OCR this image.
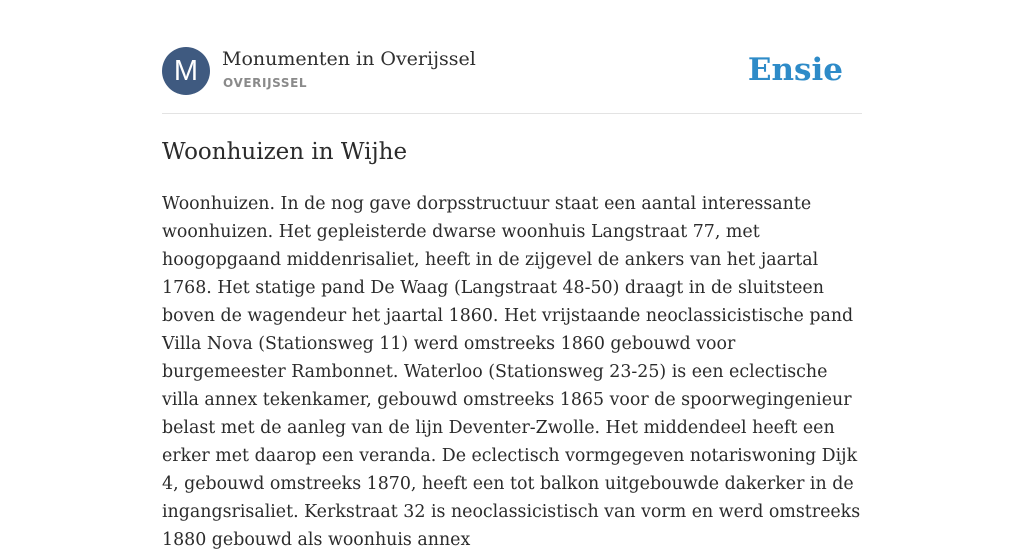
M	Monumenten in Overijssel
OVERIJSSEL	Ensie
Woonhuizen in Wijhe

Woonhuizen. In de nog gave dorpsstructuur staat een aantal interessante woonhuizen. Het gepleisterde dwarse woonhuis Langstraat 77, met hoogopgaand middenrisaliet, heeft in de zijgevel de ankers van het jaartal 1768. Het statige pand De Waag (Langstraat 48-50) draagt in de sluitsteen boven de wagendeur het jaartal 1860. Het vrijstaande neoclassicistische pand Villa Nova (Stationsweg 11) werd omstreeks 1860 gebouwd voor burgemeester Rambonnet. Waterloo (Stationsweg 23-25) is een eclectische villa annex tekenkamer, gebouwd omstreeks 1865 voor de spoorwegingenieur belast met de aanleg van de lijn Deventer-Zwolle. Het middendeel heeft een erker met daarop een veranda. De eclectisch vormgegeven notariswoning Dijk 4, gebouwd omstreeks 1870, heeft een tot balkon uitgebouwde dakerker in de ingangsrisaliet. Kerkstraat 32 is neoclassicistisch van vorm en werd omstreeks 1880 gebouwd als woonhuis annex
